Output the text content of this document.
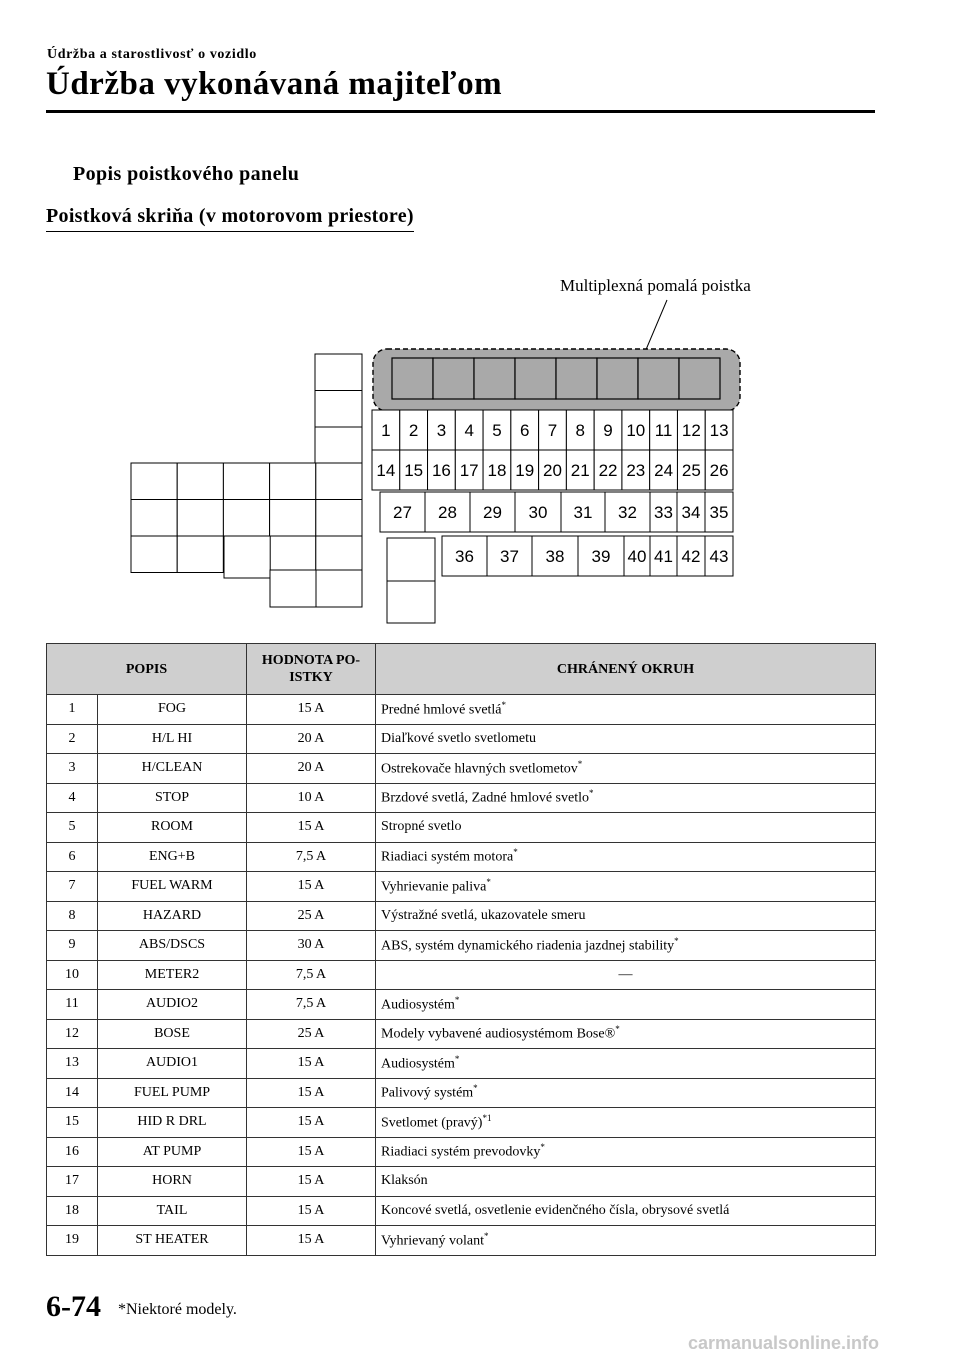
Údržba a starostlivosť o vozidlo
Údržba vykonávaná majiteľom
Popis poistkového panelu
Poistková skriňa (v motorovom priestore)
Multiplexná pomalá poistka
1 2 3 4 5 6 7 8 9 10 11 12 13
14 15 16 17 18 19 20 21 22 23 24 25 26
27 28 29 30 31 32 33 34 35
36 37 38 39 40 41 42 43
POPIS		HODNOTA PO-
ISTKY	CHRÁNENÝ OKRUH
1	FOG	15 A	Predné hmlové svetlá*
2	H/L HI	20 A	Diaľkové svetlo svetlometu
3	H/CLEAN	20 A	Ostrekovače hlavných svetlometov*
4	STOP	10 A	Brzdové svetlá, Zadné hmlové svetlo*
5	ROOM	15 A	Stropné svetlo
6	ENG+B	7,5 A	Riadiaci systém motora*
7	FUEL WARM	15 A	Vyhrievanie paliva*
8	HAZARD	25 A	Výstražné svetlá, ukazovatele smeru
9	ABS/DSCS	30 A	ABS, systém dynamického riadenia jazdnej stability*
10	METER2	7,5 A	—
11	AUDIO2	7,5 A	Audiosystém*
12	BOSE	25 A	Modely vybavené audiosystémom Bose®*
13	AUDIO1	15 A	Audiosystém*
14	FUEL PUMP	15 A	Palivový systém*
15	HID R DRL	15 A	Svetlomet (pravý)$^{*1}$
16	AT PUMP	15 A	Riadiaci systém prevodovky*
17	HORN	15 A	Klaksón
18	TAIL	15 A	Koncové svetlá, osvetlenie evidenčného čísla, obrysové svetlá
19	ST HEATER	15 A	Vyhrievaný volant*
6-74 *Niektoré modely.
carmanualsonline.info
